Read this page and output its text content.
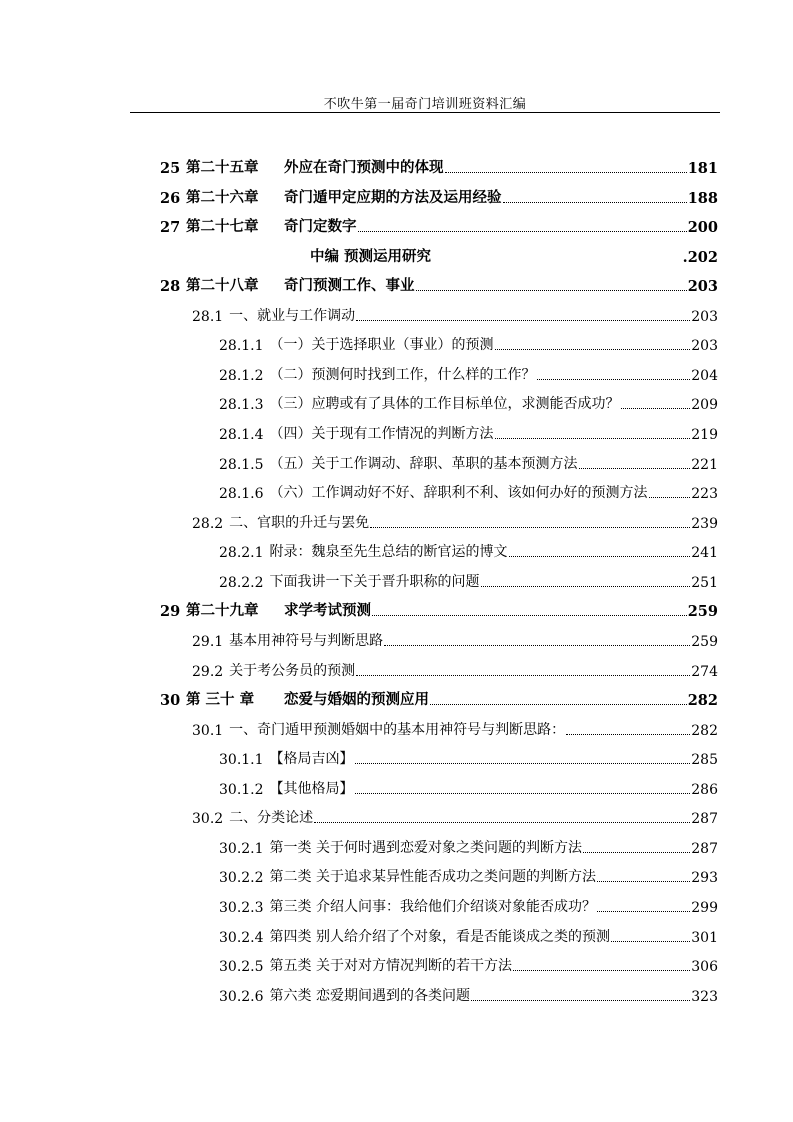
不吹牛第一届奇门培训班资料汇编
25 第二十五章	外应在奇门预测中的体现	181
26 第二十六章	奇门遁甲定应期的方法及运用经验	188
27 第二十七章	奇门定数字	200
中编 预测运用研究	.202
28 第二十八章	奇门预测工作、事业	203
28.1 一、就业与工作调动	203
28.1.1 （一）关于选择职业（事业）的预测	203
28.1.2 （二）预测何时找到工作，什么样的工作？	204
28.1.3 （三）应聘或有了具体的工作目标单位，求测能否成功？	209
28.1.4 （四）关于现有工作情况的判断方法	219
28.1.5 （五）关于工作调动、辞职、革职的基本预测方法	221
28.1.6 （六）工作调动好不好、辞职利不利、该如何办好的预测方法	223
28.2 二、官职的升迁与罢免	239
28.2.1 附录：魏泉至先生总结的断官运的博文	241
28.2.2 下面我讲一下关于晋升职称的问题	251
29 第二十九章	求学考试预测	259
29.1 基本用神符号与判断思路	259
29.2 关于考公务员的预测	274
30 第 三十 章	恋爱与婚姻的预测应用	282
30.1 一、奇门遁甲预测婚姻中的基本用神符号与判断思路：	282
30.1.1 【格局吉凶】	285
30.1.2 【其他格局】	286
30.2 二、分类论述	287
30.2.1 第一类 关于何时遇到恋爱对象之类问题的判断方法	287
30.2.2 第二类 关于追求某异性能否成功之类问题的判断方法	293
30.2.3 第三类 介绍人问事：我给他们介绍谈对象能否成功？	299
30.2.4 第四类 别人给介绍了个对象，看是否能谈成之类的预测	301
30.2.5 第五类 关于对对方情况判断的若干方法	306
30.2.6 第六类 恋爱期间遇到的各类问题	323
